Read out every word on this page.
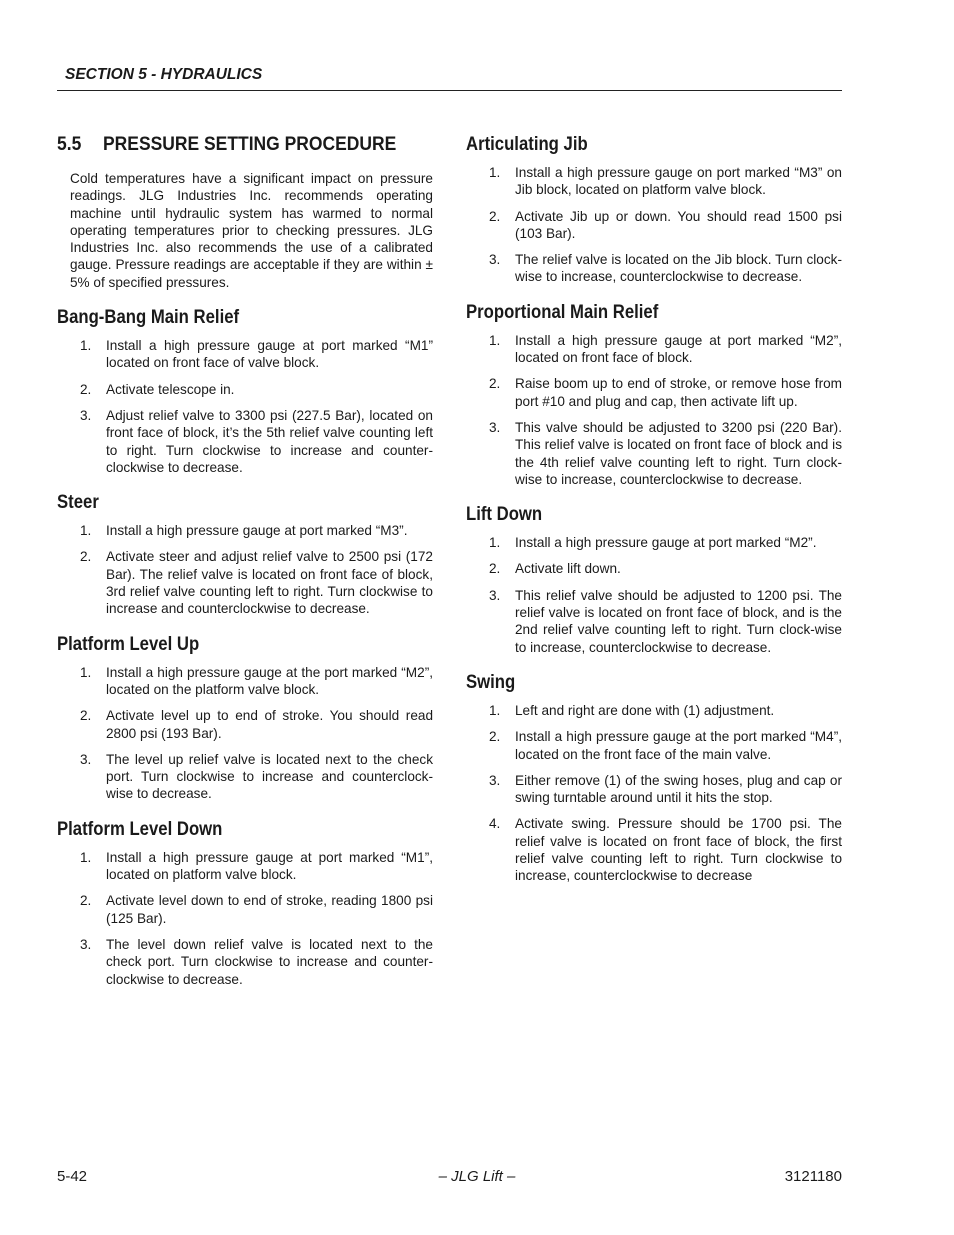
SECTION 5 - HYDRAULICS
5.5 PRESSURE SETTING PROCEDURE
Cold temperatures have a significant impact on pressure readings. JLG Industries Inc. recommends operating machine until hydraulic system has warmed to normal operating temperatures prior to checking pressures. JLG Industries Inc. also recommends the use of a calibrated gauge. Pressure readings are acceptable if they are within ± 5% of specified pressures.
Bang-Bang Main Relief
1. Install a high pressure gauge at port marked “M1” located on front face of valve block.
2. Activate telescope in.
3. Adjust relief valve to 3300 psi (227.5 Bar), located on front face of block, it’s the 5th relief valve counting left to right. Turn clockwise to increase and counter-clockwise to decrease.
Steer
1. Install a high pressure gauge at port marked “M3”.
2. Activate steer and adjust relief valve to 2500 psi (172 Bar). The relief valve is located on front face of block, 3rd relief valve counting left to right. Turn clockwise to increase and counterclockwise to decrease.
Platform Level Up
1. Install a high pressure gauge at the port marked “M2”, located on the platform valve block.
2. Activate level up to end of stroke. You should read 2800 psi (193 Bar).
3. The level up relief valve is located next to the check port. Turn clockwise to increase and counterclock-wise to decrease.
Platform Level Down
1. Install a high pressure gauge at port marked “M1”, located on platform valve block.
2. Activate level down to end of stroke, reading 1800 psi (125 Bar).
3. The level down relief valve is located next to the check port. Turn clockwise to increase and counter-clockwise to decrease.
Articulating Jib
1. Install a high pressure gauge on port marked “M3” on Jib block, located on platform valve block.
2. Activate Jib up or down. You should read 1500 psi (103 Bar).
3. The relief valve is located on the Jib block. Turn clock-wise to increase, counterclockwise to decrease.
Proportional Main Relief
1. Install a high pressure gauge at port marked “M2”, located on front face of block.
2. Raise boom up to end of stroke, or remove hose from port #10 and plug and cap, then activate lift up.
3. This valve should be adjusted to 3200 psi (220 Bar). This relief valve is located on front face of block and is the 4th relief valve counting left to right. Turn clock-wise to increase, counterclockwise to decrease.
Lift Down
1. Install a high pressure gauge at port marked “M2”.
2. Activate lift down.
3. This relief valve should be adjusted to 1200 psi. The relief valve is located on front face of block, and is the 2nd relief valve counting left to right. Turn clock-wise to increase, counterclockwise to decrease.
Swing
1. Left and right are done with (1) adjustment.
2. Install a high pressure gauge at the port marked “M4”, located on the front face of the main valve.
3. Either remove (1) of the swing hoses, plug and cap or swing turntable around until it hits the stop.
4. Activate swing. Pressure should be 1700 psi. The relief valve is located on front face of block, the first relief valve counting left to right. Turn clockwise to increase, counterclockwise to decrease
5-42	– JLG Lift –	3121180
